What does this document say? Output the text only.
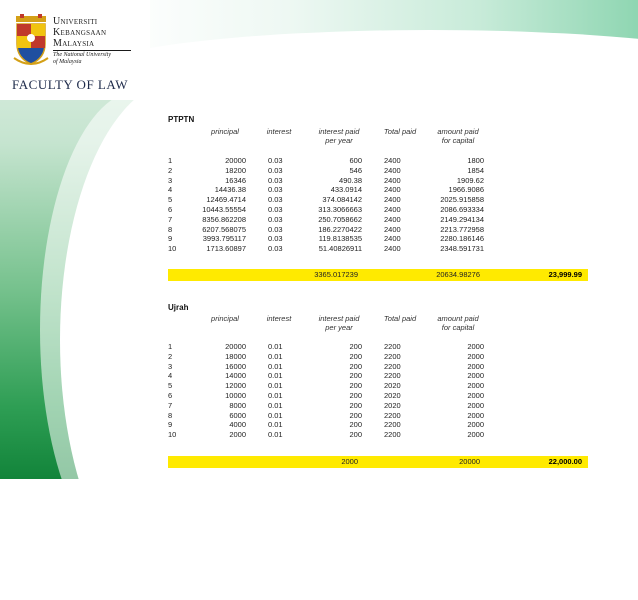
Universiti
Kebangsaan
Malaysia
The National University
of Malaysia
FACULTY OF LAW
PTPTN
principal	interest	interest paid
per year
Total paid	amount paid
for capital
1	20000	0.03	600	2400	1800
2	18200	0.03	546	2400	1854
3	16346	0.03	490.38	2400	1909.62
4	14436.38	0.03	433.0914	2400	1966.9086
5	12469.4714	0.03	374.084142	2400	2025.915858
6	10443.55554	0.03	313.3066663	2400	2086.693334
7	8356.862208	0.03	250.7058662	2400	2149.294134
8	6207.568075	0.03	186.2270422	2400	2213.772958
9	3993.795117	0.03	119.8138535	2400	2280.186146
10	1713.60897	0.03	51.40826911	2400	2348.591731
3365.017239	20634.98276	23,999.99
Ujrah
principal	interest	interest paid
per year
Total paid	amount paid
for capital
1	20000	0.01	200	2200	2000
2	18000	0.01	200	2200	2000
3	16000	0.01	200	2200	2000
4	14000	0.01	200	2200	2000
5	12000	0.01	200	2020	2000
6	10000	0.01	200	2020	2000
7	8000	0.01	200	2020	2000
8	6000	0.01	200	2200	2000
9	4000	0.01	200	2200	2000
10	2000	0.01	200	2200	2000
2000	20000	22,000.00
